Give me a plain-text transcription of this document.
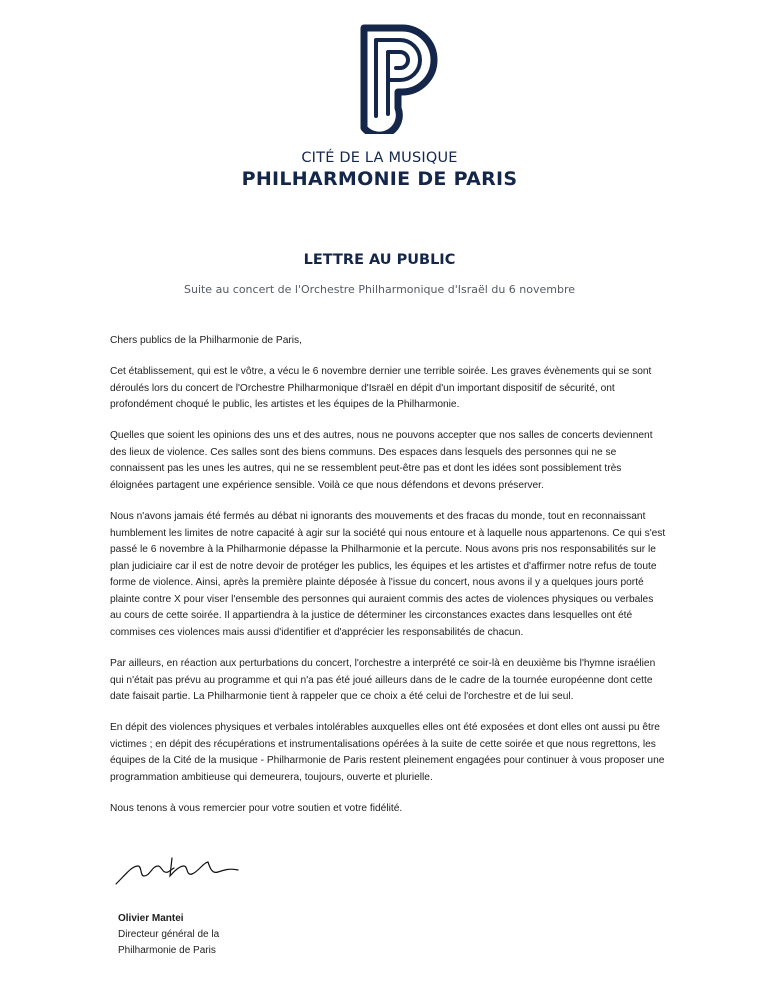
CITÉ DE LA MUSIQUE
PHILHARMONIE DE PARIS
LETTRE AU PUBLIC
Suite au concert de l'Orchestre Philharmonique d'Israël du 6 novembre

Chers publics de la Philharmonie de Paris,

Cet établissement, qui est le vôtre, a vécu le 6 novembre dernier une terrible soirée. Les graves évènements qui se sont déroulés lors du concert de l'Orchestre Philharmonique d'Israël en dépit d'un important dispositif de sécurité, ont profondément choqué le public, les artistes et les équipes de la Philharmonie.

Quelles que soient les opinions des uns et des autres, nous ne pouvons accepter que nos salles de concerts deviennent des lieux de violence. Ces salles sont des biens communs. Des espaces dans lesquels des personnes qui ne se connaissent pas les unes les autres, qui ne se ressemblent peut-être pas et dont les idées sont possiblement très éloignées partagent une expérience sensible. Voilà ce que nous défendons et devons préserver.

Nous n'avons jamais été fermés au débat ni ignorants des mouvements et des fracas du monde, tout en reconnaissant humblement les limites de notre capacité à agir sur la société qui nous entoure et à laquelle nous appartenons. Ce qui s'est passé le 6 novembre à la Philharmonie dépasse la Philharmonie et la percute. Nous avons pris nos responsabilités sur le plan judiciaire car il est de notre devoir de protéger les publics, les équipes et les artistes et d'affirmer notre refus de toute forme de violence. Ainsi, après la première plainte déposée à l'issue du concert, nous avons il y a quelques jours porté plainte contre X pour viser l'ensemble des personnes qui auraient commis des actes de violences physiques ou verbales au cours de cette soirée. Il appartiendra à la justice de déterminer les circonstances exactes dans lesquelles ont été commises ces violences mais aussi d'identifier et d'apprécier les responsabilités de chacun.

Par ailleurs, en réaction aux perturbations du concert, l'orchestre a interprété ce soir-là en deuxième bis l'hymne israélien qui n'était pas prévu au programme et qui n'a pas été joué ailleurs dans de le cadre de la tournée européenne dont cette date faisait partie. La Philharmonie tient à rappeler que ce choix a été celui de l'orchestre et de lui seul.

En dépit des violences physiques et verbales intolérables auxquelles elles ont été exposées et dont elles ont aussi pu être victimes ; en dépit des récupérations et instrumentalisations opérées à la suite de cette soirée et que nous regrettons, les équipes de la Cité de la musique - Philharmonie de Paris restent pleinement engagées pour continuer à vous proposer une programmation ambitieuse qui demeurera, toujours, ouverte et plurielle.

Nous tenons à vous remercier pour votre soutien et votre fidélité.

Olivier Mantei
Directeur général de la
Philharmonie de Paris
